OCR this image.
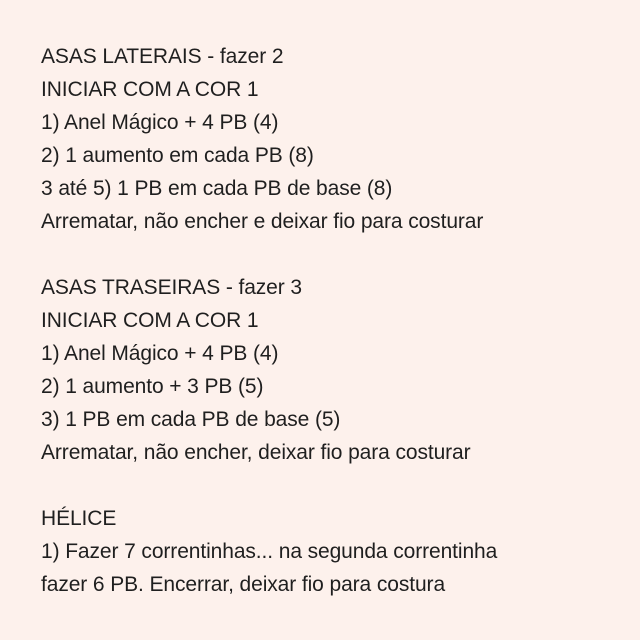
ASAS LATERAIS - fazer 2
INICIAR COM A COR 1
1) Anel Mágico + 4 PB (4)
2) 1 aumento em cada PB (8)
3 até 5) 1 PB em cada PB de base (8)
Arrematar, não encher e deixar fio para costurar
ASAS TRASEIRAS - fazer 3
INICIAR COM A COR 1
1) Anel Mágico + 4 PB (4)
2) 1 aumento + 3 PB (5)
3) 1 PB em cada PB de base (5)
Arrematar, não encher, deixar fio para costurar
HÉLICE
1) Fazer 7 correntinhas... na segunda correntinha
fazer 6 PB. Encerrar, deixar fio para costura
